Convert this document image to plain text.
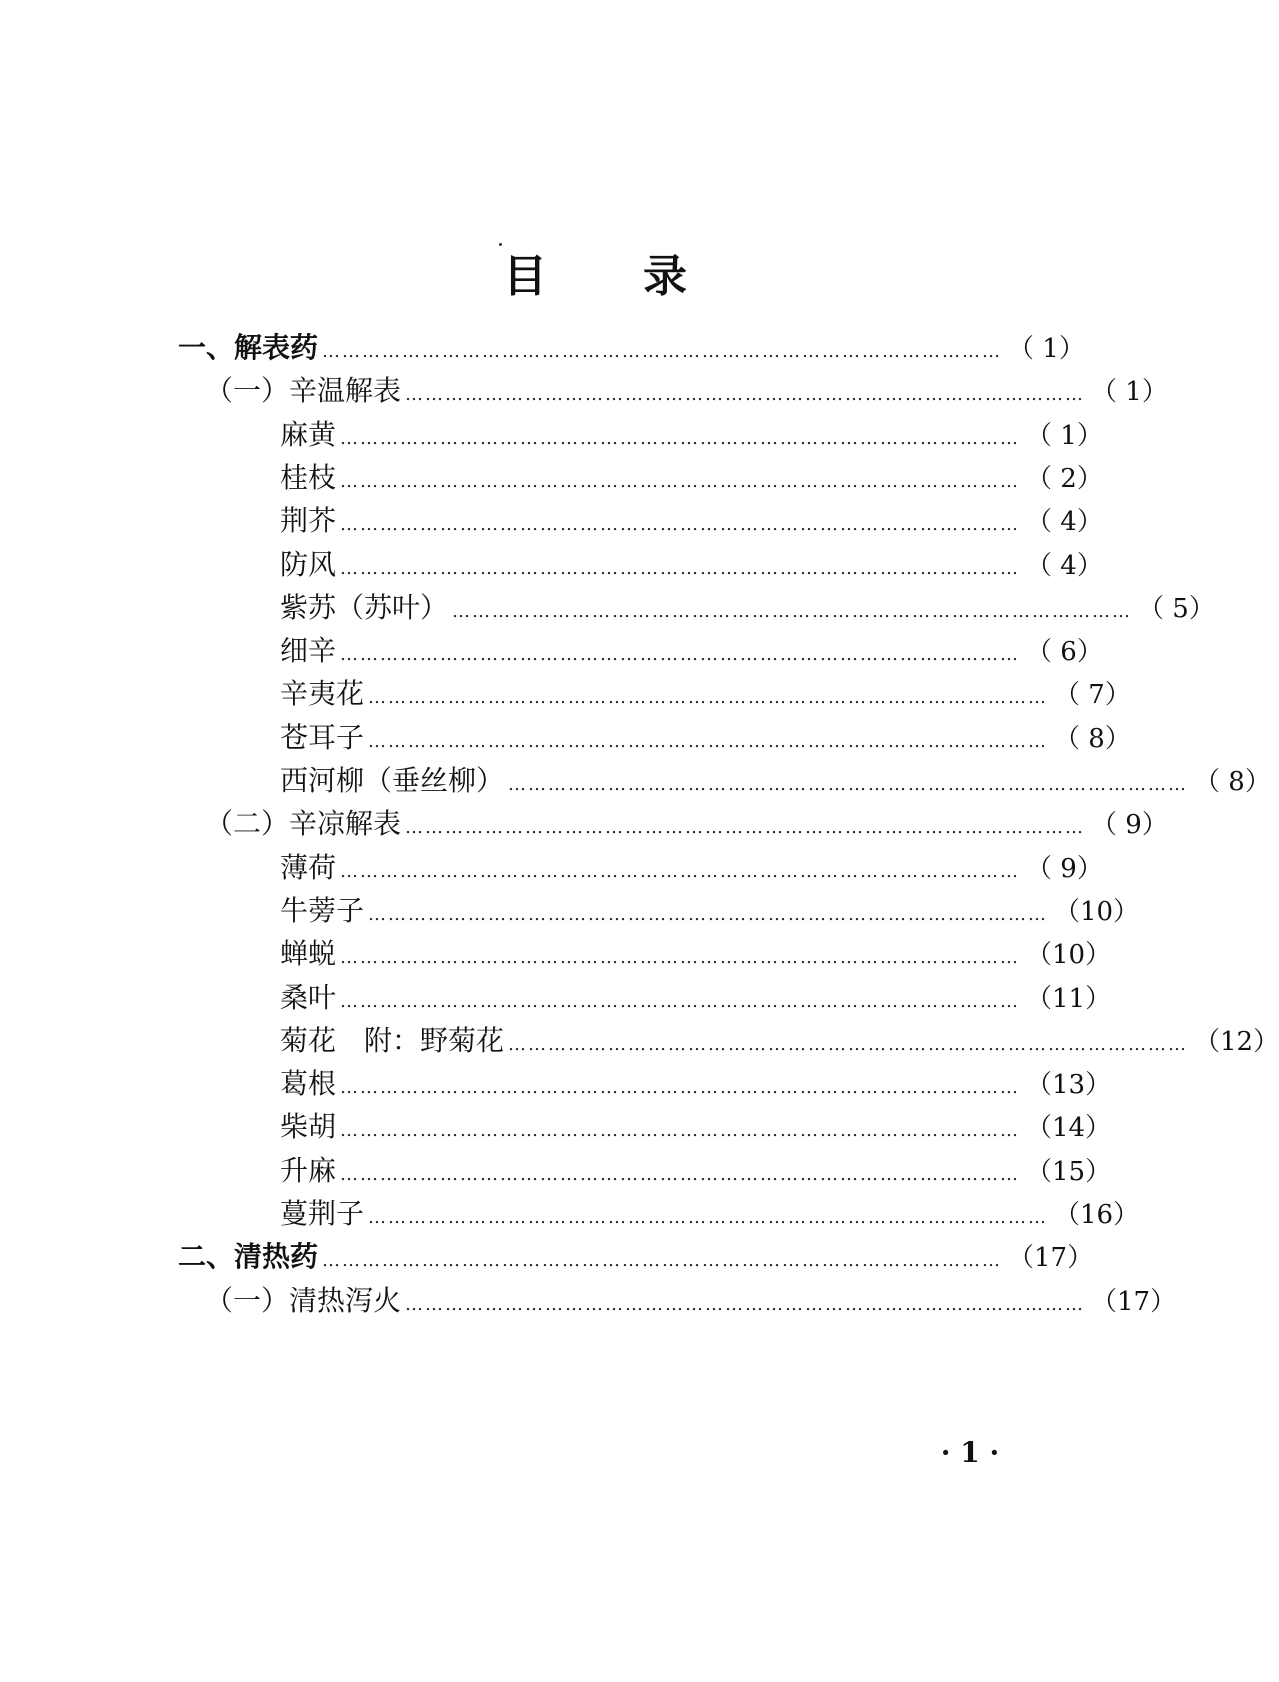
目 录
一、解表药 ………………………………………………………………………………………… （ 1）
（一）辛温解表 ………………………………………………………………………………………… （ 1）
麻黄 ………………………………………………………………………………………… （ 1）
桂枝 ………………………………………………………………………………………… （ 2）
荆芥 ………………………………………………………………………………………… （ 4）
防风 ………………………………………………………………………………………… （ 4）
紫苏（苏叶） ………………………………………………………………………………………… （ 5）
细辛 ………………………………………………………………………………………… （ 6）
辛夷花 ………………………………………………………………………………………… （ 7）
苍耳子 ………………………………………………………………………………………… （ 8）
西河柳（垂丝柳） ………………………………………………………………………………………… （ 8）
（二）辛凉解表 ………………………………………………………………………………………… （ 9）
薄荷 ………………………………………………………………………………………… （ 9）
牛蒡子 ………………………………………………………………………………………… （10）
蝉蜕 ………………………………………………………………………………………… （10）
桑叶 ………………………………………………………………………………………… （11）
菊花　附：野菊花 ………………………………………………………………………………………… （12）
葛根 ………………………………………………………………………………………… （13）
柴胡 ………………………………………………………………………………………… （14）
升麻 ………………………………………………………………………………………… （15）
蔓荆子 ………………………………………………………………………………………… （16）
二、清热药 ………………………………………………………………………………………… （17）
（一）清热泻火 ………………………………………………………………………………………… （17）
· 1 ·
